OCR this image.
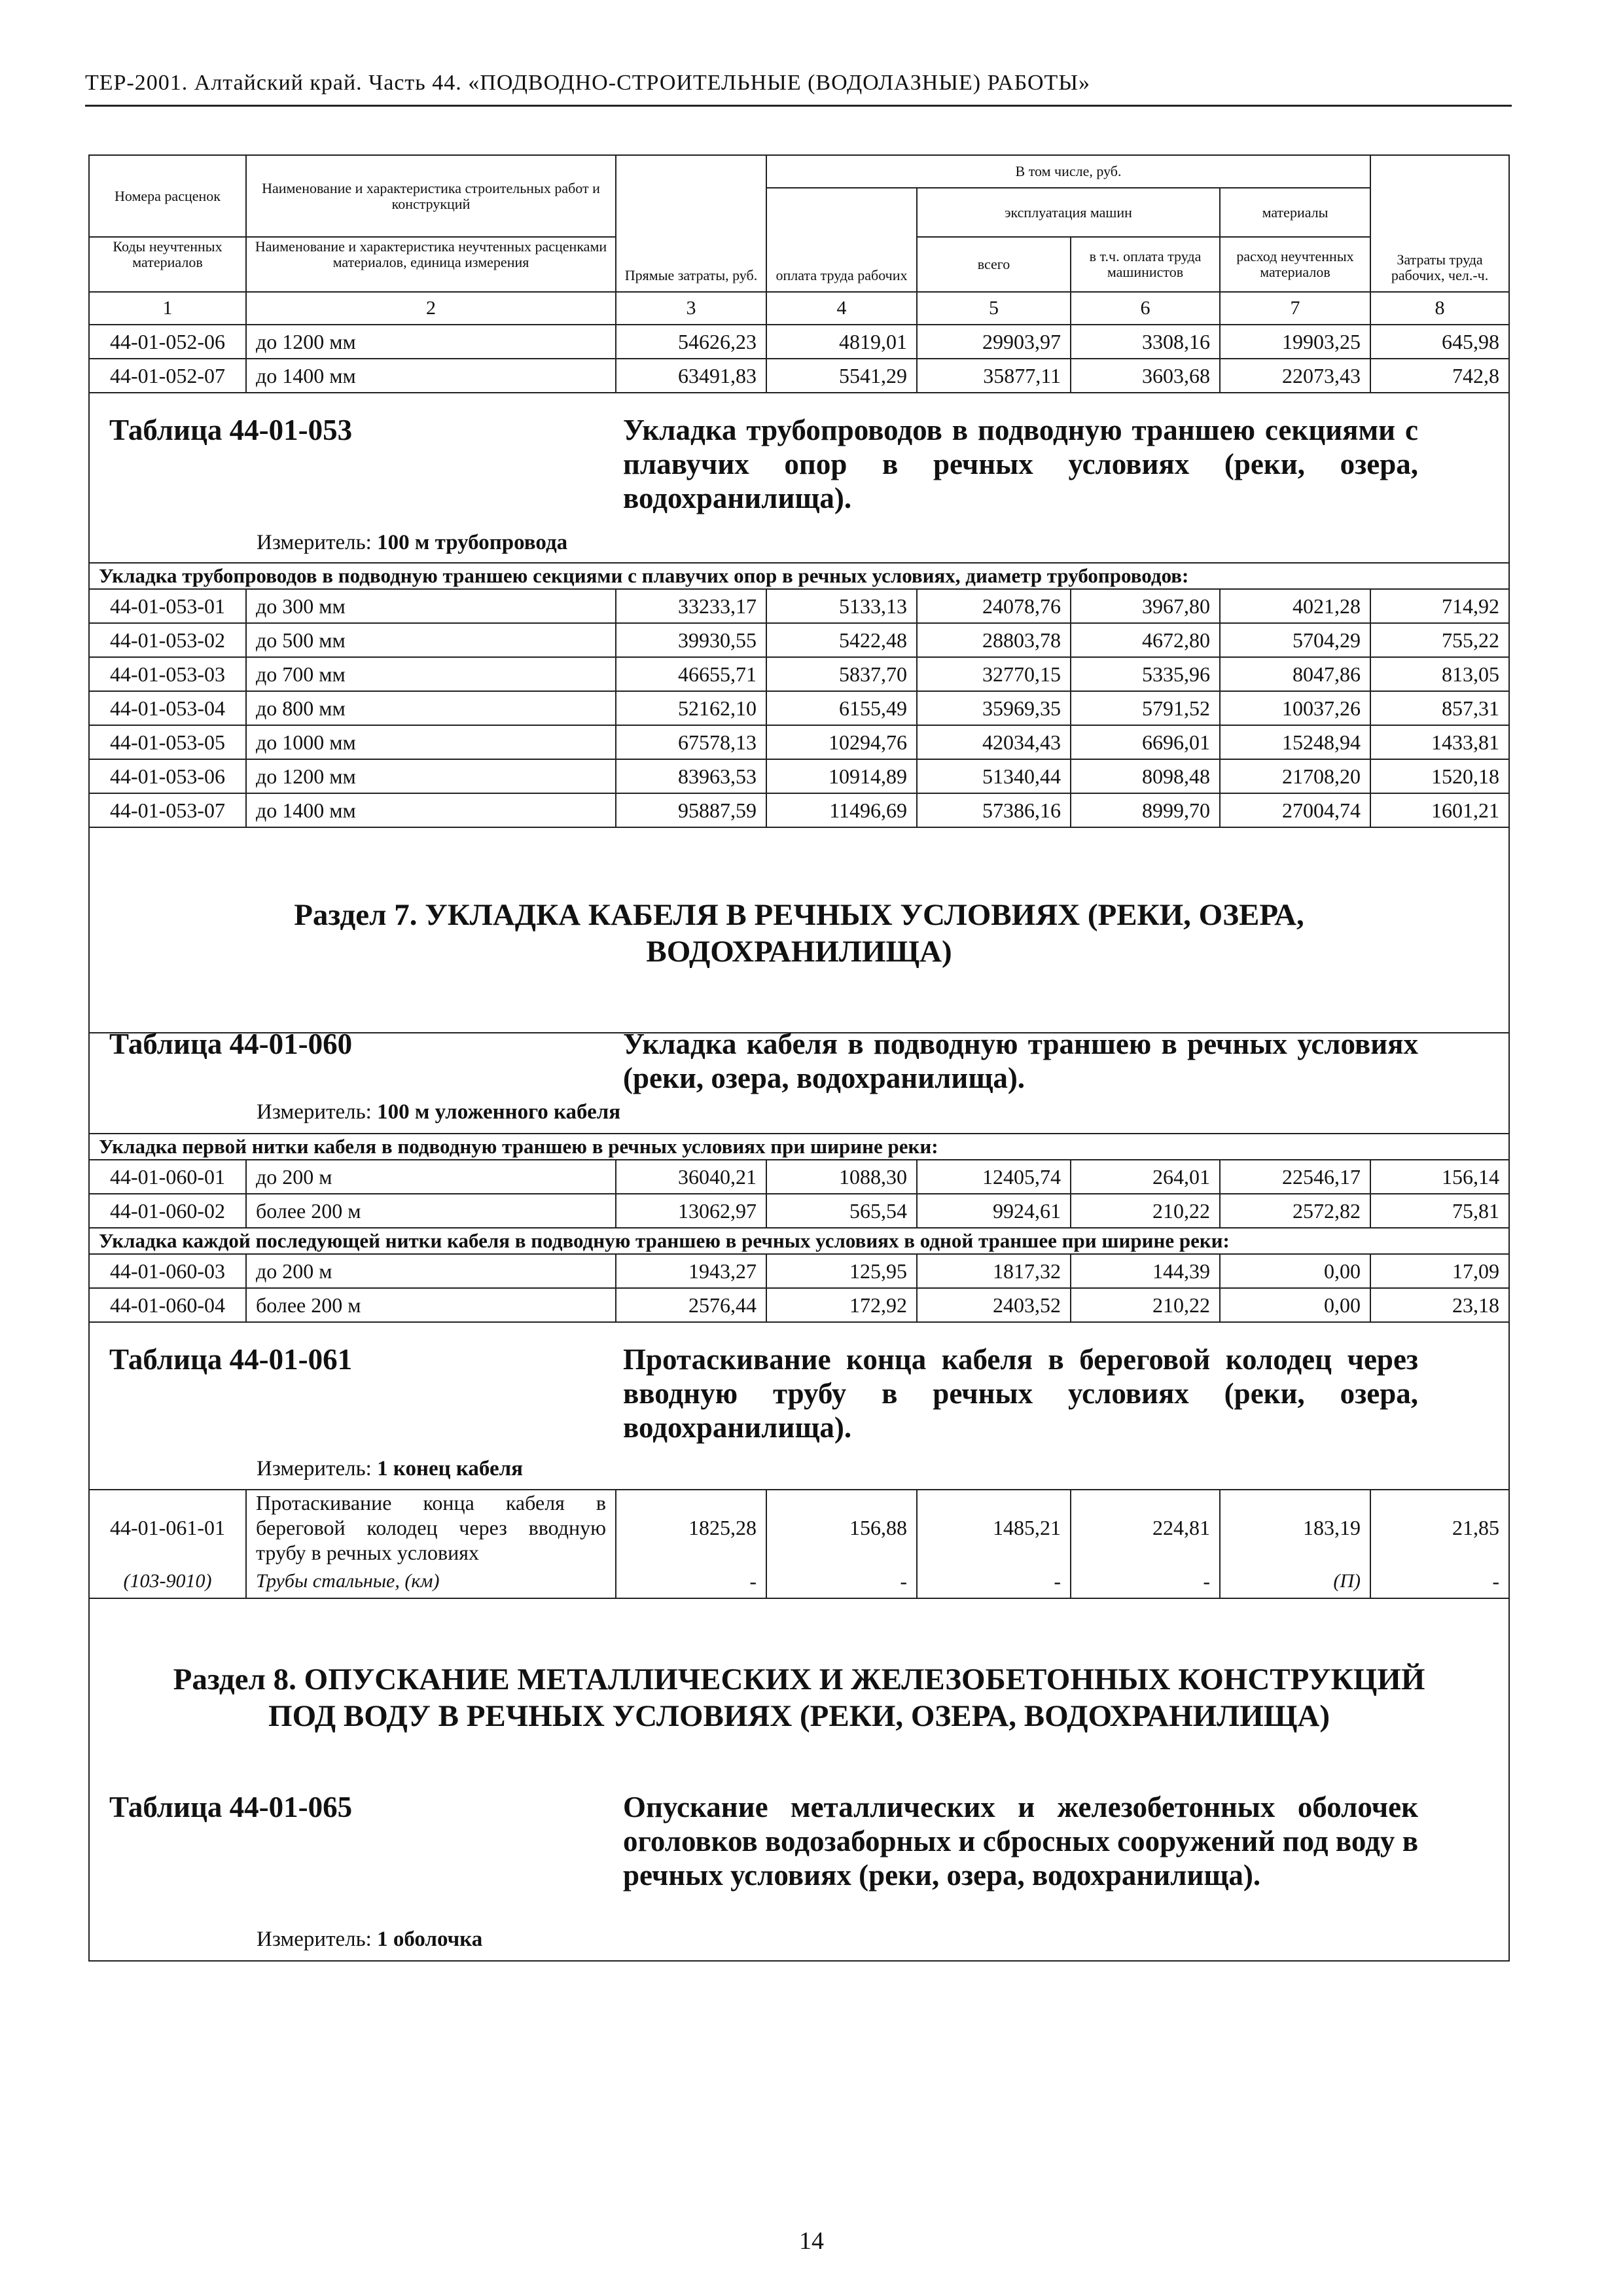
ТЕР-2001. Алтайский край. Часть 44. «ПОДВОДНО-СТРОИТЕЛЬНЫЕ (ВОДОЛАЗНЫЕ) РАБОТЫ»
Номера расценок	Наименование и характеристика строительных работ и конструкций	Прямые затраты, руб.	В том числе, руб.				Затраты труда рабочих, чел.-ч.
			оплата труда рабочих	эксплуатация машин		материалы	
Коды неучтенных материалов	Наименование и характеристика неучтенных расценками материалов, единица измерения			всего	в т.ч. оплата труда машинистов	расход неучтенных материалов	

1	2	3	4	5	6	7	8
44-01-052-06	до 1200 мм	54626,23	4819,01	29903,97	3308,16	19903,25	645,98
44-01-052-07	до 1400 мм	63491,83	5541,29	35877,11	3603,68	22073,43	742,8

Таблица 44-01-053 Укладка трубопроводов в подводную траншею секциями с плавучих опор в речных условиях (реки, озера, водохранилища).
Измеритель: 100 м трубопровода							

Укладка трубопроводов в подводную траншею секциями с плавучих опор в речных условиях, диаметр трубопроводов:							
44-01-053-01	до 300 мм	33233,17	5133,13	24078,76	3967,80	4021,28	714,92
44-01-053-02	до 500 мм	39930,55	5422,48	28803,78	4672,80	5704,29	755,22
44-01-053-03	до 700 мм	46655,71	5837,70	32770,15	5335,96	8047,86	813,05
44-01-053-04	до 800 мм	52162,10	6155,49	35969,35	5791,52	10037,26	857,31
44-01-053-05	до 1000 мм	67578,13	10294,76	42034,43	6696,01	15248,94	1433,81
44-01-053-06	до 1200 мм	83963,53	10914,89	51340,44	8098,48	21708,20	1520,18
44-01-053-07	до 1400 мм	95887,59	11496,69	57386,16	8999,70	27004,74	1601,21

Раздел 7. УКЛАДКА КАБЕЛЯ В РЕЧНЫХ УСЛОВИЯХ (РЕКИ, ОЗЕРА,
ВОДОХРАНИЛИЩА)							

Таблица 44-01-060 Укладка кабеля в подводную траншею в речных условиях (реки, озера, водохранилища).
Измеритель: 100 м уложенного кабеля							

Укладка первой нитки кабеля в подводную траншею в речных условиях при ширине реки:							
44-01-060-01	до 200 м	36040,21	1088,30	12405,74	264,01	22546,17	156,14
44-01-060-02	более 200 м	13062,97	565,54	9924,61	210,22	2572,82	75,81
Укладка каждой последующей нитки кабеля в подводную траншею в речных условиях в одной траншее при ширине реки:							
44-01-060-03	до 200 м	1943,27	125,95	1817,32	144,39	0,00	17,09
44-01-060-04	более 200 м	2576,44	172,92	2403,52	210,22	0,00	23,18

Таблица 44-01-061 Протаскивание конца кабеля в береговой колодец через вводную трубу в речных условиях (реки, озера, водохранилища).
Измеритель: 1 конец кабеля							

44-01-061-01	Протаскивание конца кабеля в береговой колодец через вводную трубу в речных условиях	1825,28	156,88	1485,21	224,81	183,19	21,85
(103-9010)	Трубы стальные, (км)	-	-	-	-	(П)	-

Раздел 8. ОПУСКАНИЕ МЕТАЛЛИЧЕСКИХ И ЖЕЛЕЗОБЕТОННЫХ КОНСТРУКЦИЙ
ПОД ВОДУ В РЕЧНЫХ УСЛОВИЯХ (РЕКИ, ОЗЕРА, ВОДОХРАНИЛИЩА)							

Таблица 44-01-065 Опускание металлических и железобетонных оболочек оголовков водозаборных и сбросных сооружений под воду в речных условиях (реки, озера, водохранилища).
Измеритель: 1 оболочка							
14
